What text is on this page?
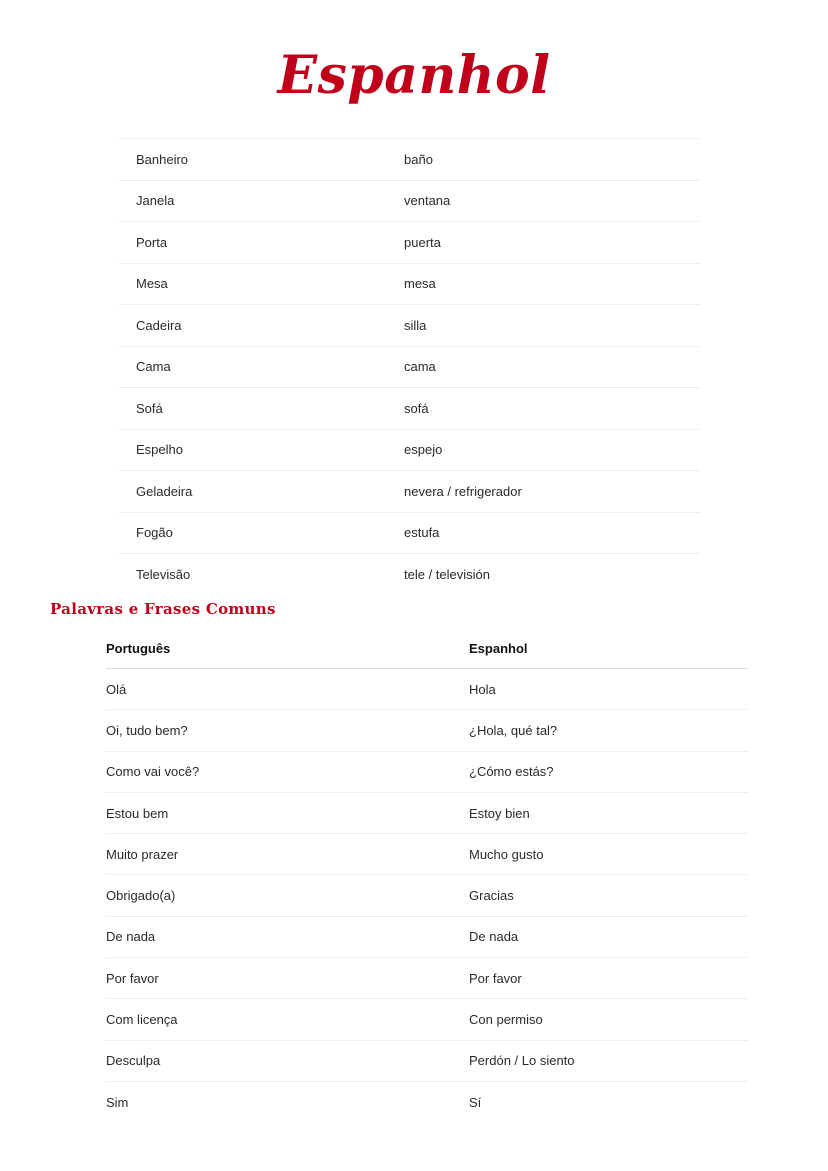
Espanhol
Banheiro	baño
Janela	ventana
Porta	puerta
Mesa	mesa
Cadeira	silla
Cama	cama
Sofá	sofá
Espelho	espejo
Geladeira	nevera / refrigerador
Fogão	estufa
Televisão	tele / televisión
Palavras e Frases Comuns
Português	Espanhol
Olá	Hola
Oi, tudo bem?	¿Hola, qué tal?
Como vai você?	¿Cómo estás?
Estou bem	Estoy bien
Muito prazer	Mucho gusto
Obrigado(a)	Gracias
De nada	De nada
Por favor	Por favor
Com licença	Con permiso
Desculpa	Perdón / Lo siento
Sim	Sí
